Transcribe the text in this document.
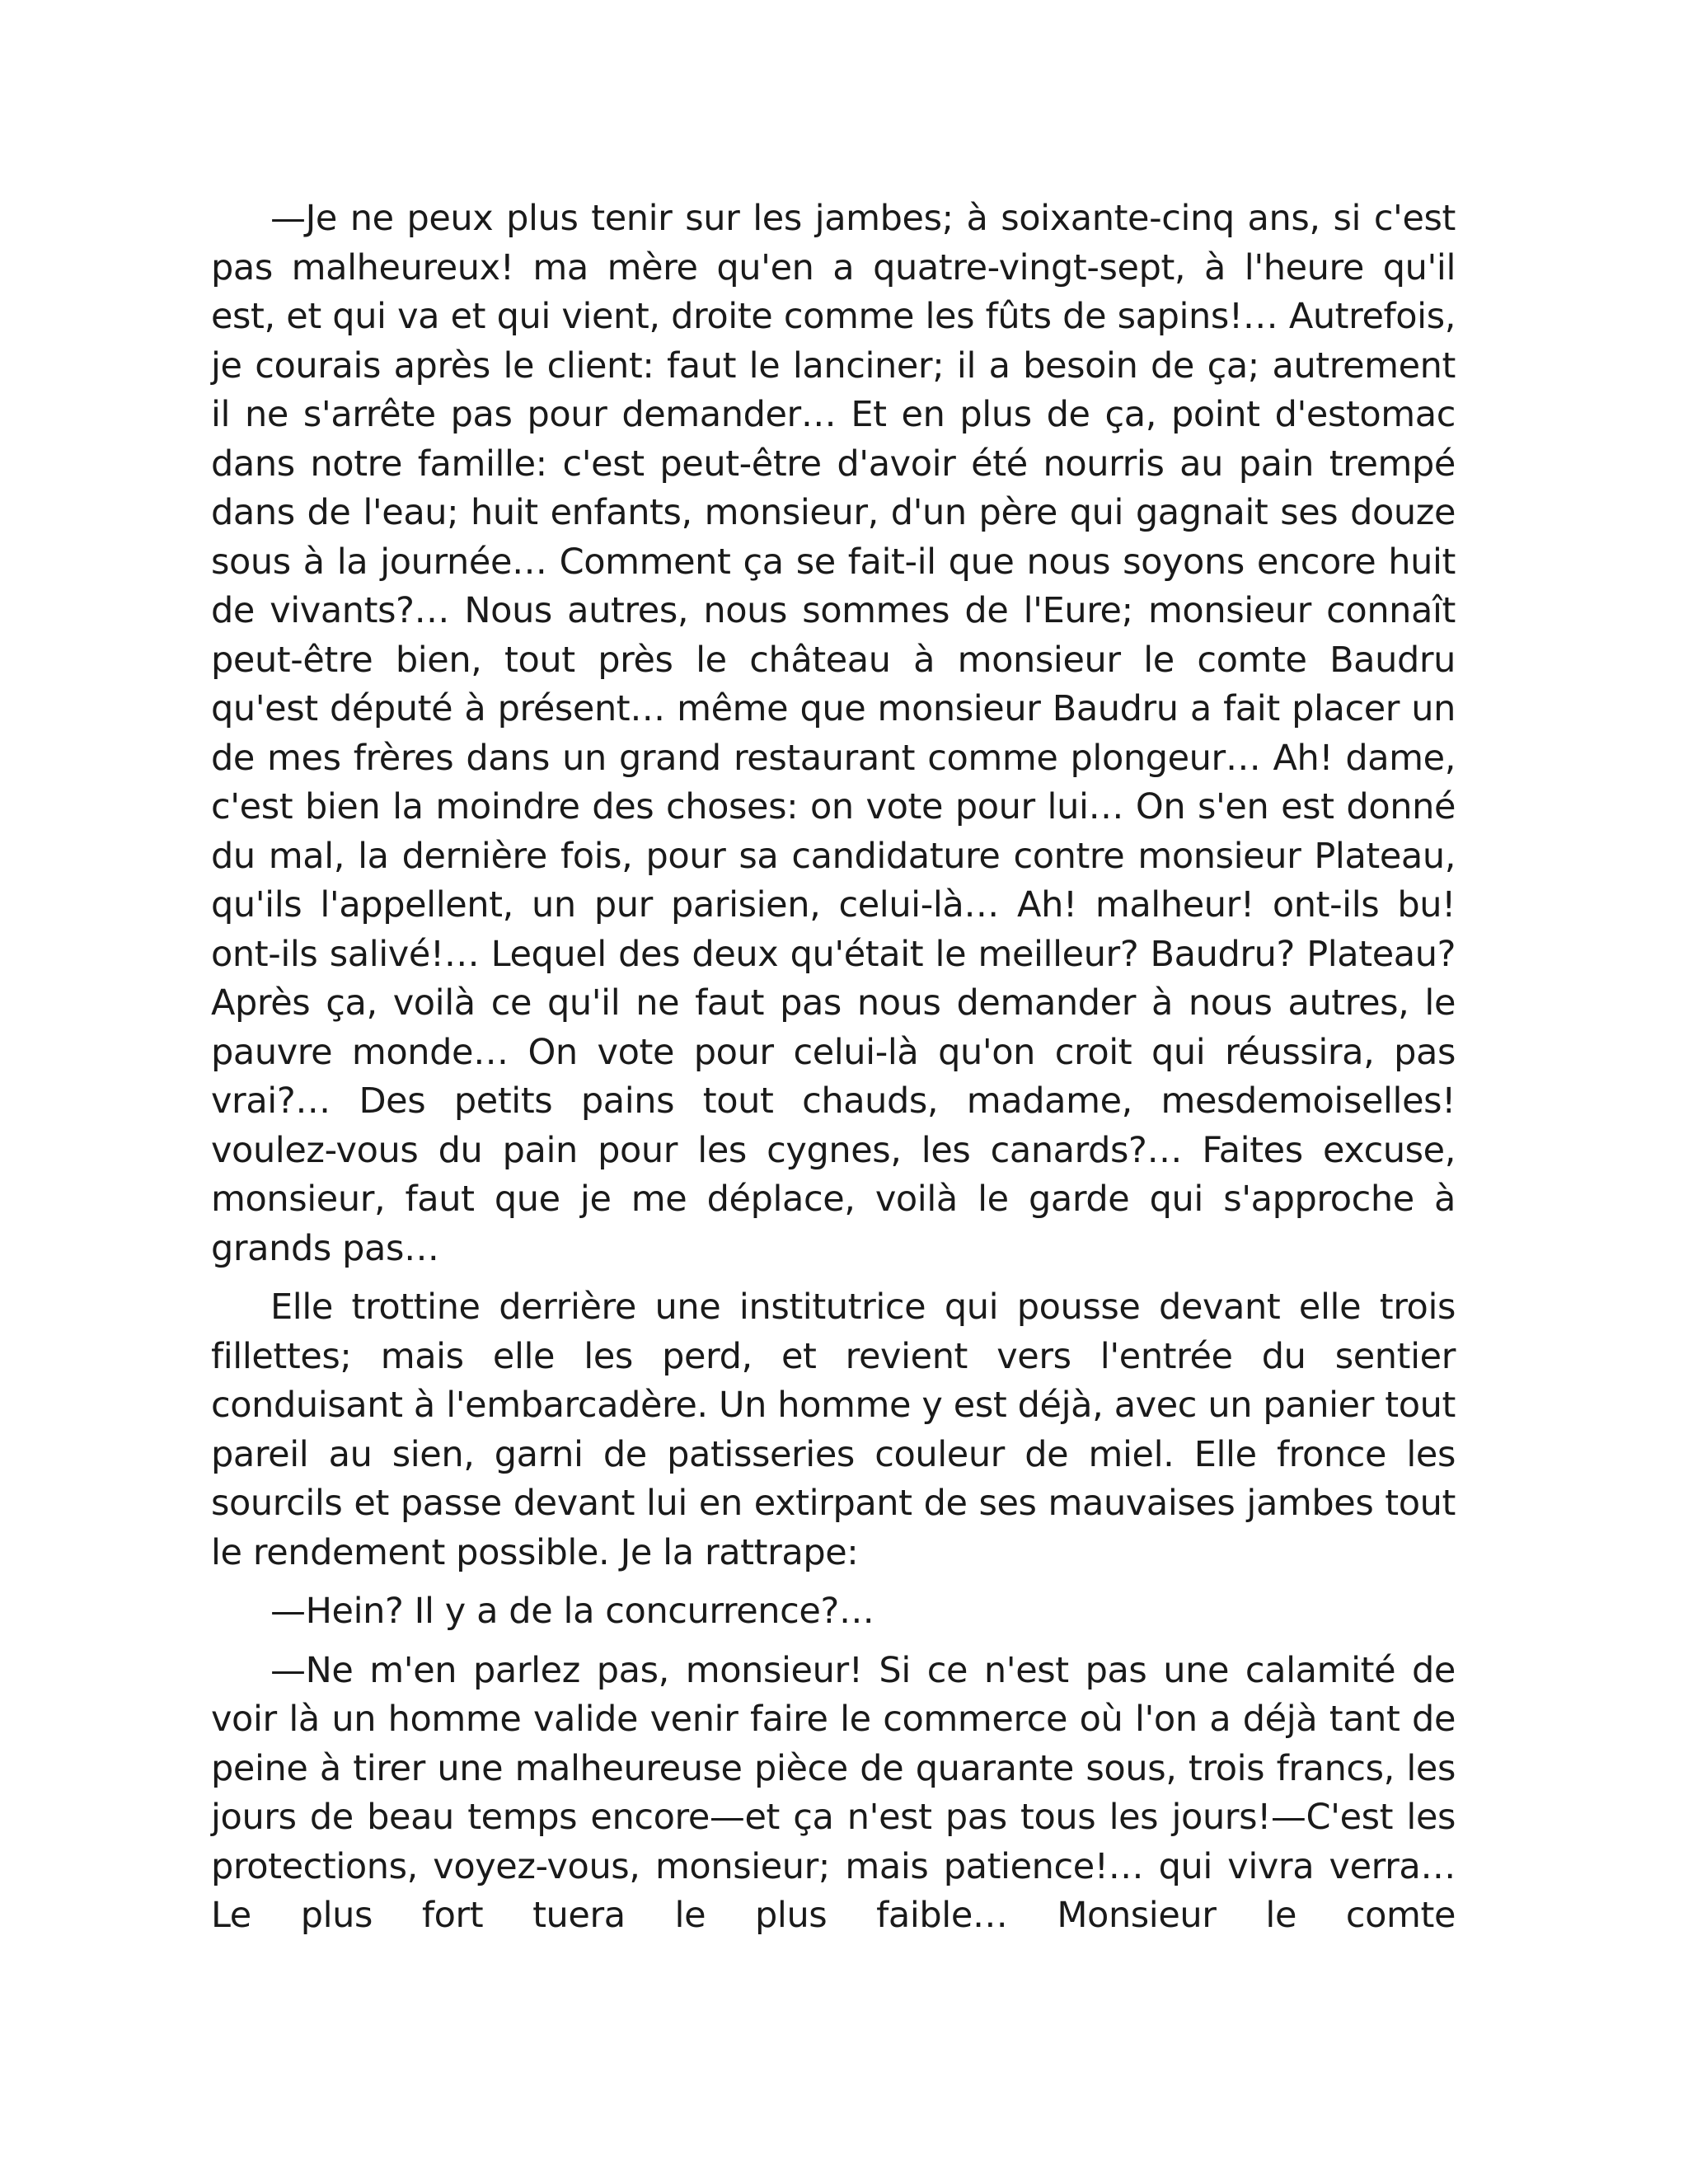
—Je ne peux plus tenir sur les jambes; à soixante-cinq ans, si c'est pas malheureux! ma mère qu'en a quatre-vingt-sept, à l'heure qu'il est, et qui va et qui vient, droite comme les fûts de sapins!… Autrefois, je courais après le client: faut le lanciner; il a besoin de ça; autrement il ne s'arrête pas pour demander… Et en plus de ça, point d'estomac dans notre famille: c'est peut-être d'avoir été nourris au pain trempé dans de l'eau; huit enfants, monsieur, d'un père qui gagnait ses douze sous à la journée… Comment ça se fait-il que nous soyons encore huit de vivants?… Nous autres, nous sommes de l'Eure; monsieur connaît peut-être bien, tout près le château à monsieur le comte Baudru qu'est député à présent… même que monsieur Baudru a fait placer un de mes frères dans un grand restaurant comme plongeur… Ah! dame, c'est bien la moindre des choses: on vote pour lui… On s'en est donné du mal, la dernière fois, pour sa candidature contre monsieur Plateau, qu'ils l'appellent, un pur parisien, celui-là… Ah! malheur! ont-ils bu! ont-ils salivé!… Lequel des deux qu'était le meilleur? Baudru? Plateau? Après ça, voilà ce qu'il ne faut pas nous demander à nous autres, le pauvre monde… On vote pour celui-là qu'on croit qui réussira, pas vrai?… Des petits pains tout chauds, madame, mesdemoiselles! voulez-vous du pain pour les cygnes, les canards?… Faites excuse, monsieur, faut que je me déplace, voilà le garde qui s'approche à grands pas…

Elle trottine derrière une institutrice qui pousse devant elle trois fillettes; mais elle les perd, et revient vers l'entrée du sentier conduisant à l'embarcadère. Un homme y est déjà, avec un panier tout pareil au sien, garni de patisseries couleur de miel. Elle fronce les sourcils et passe devant lui en extirpant de ses mauvaises jambes tout le rendement possible. Je la rattrape:

—Hein? Il y a de la concurrence?…

—Ne m'en parlez pas, monsieur! Si ce n'est pas une calamité de voir là un homme valide venir faire le commerce où l'on a déjà tant de peine à tirer une malheureuse pièce de quarante sous, trois francs, les jours de beau temps encore—et ça n'est pas tous les jours!—C'est les protections, voyez-vous, monsieur; mais patience!… qui vivra verra… Le plus fort tuera le plus faible… Monsieur le comte
